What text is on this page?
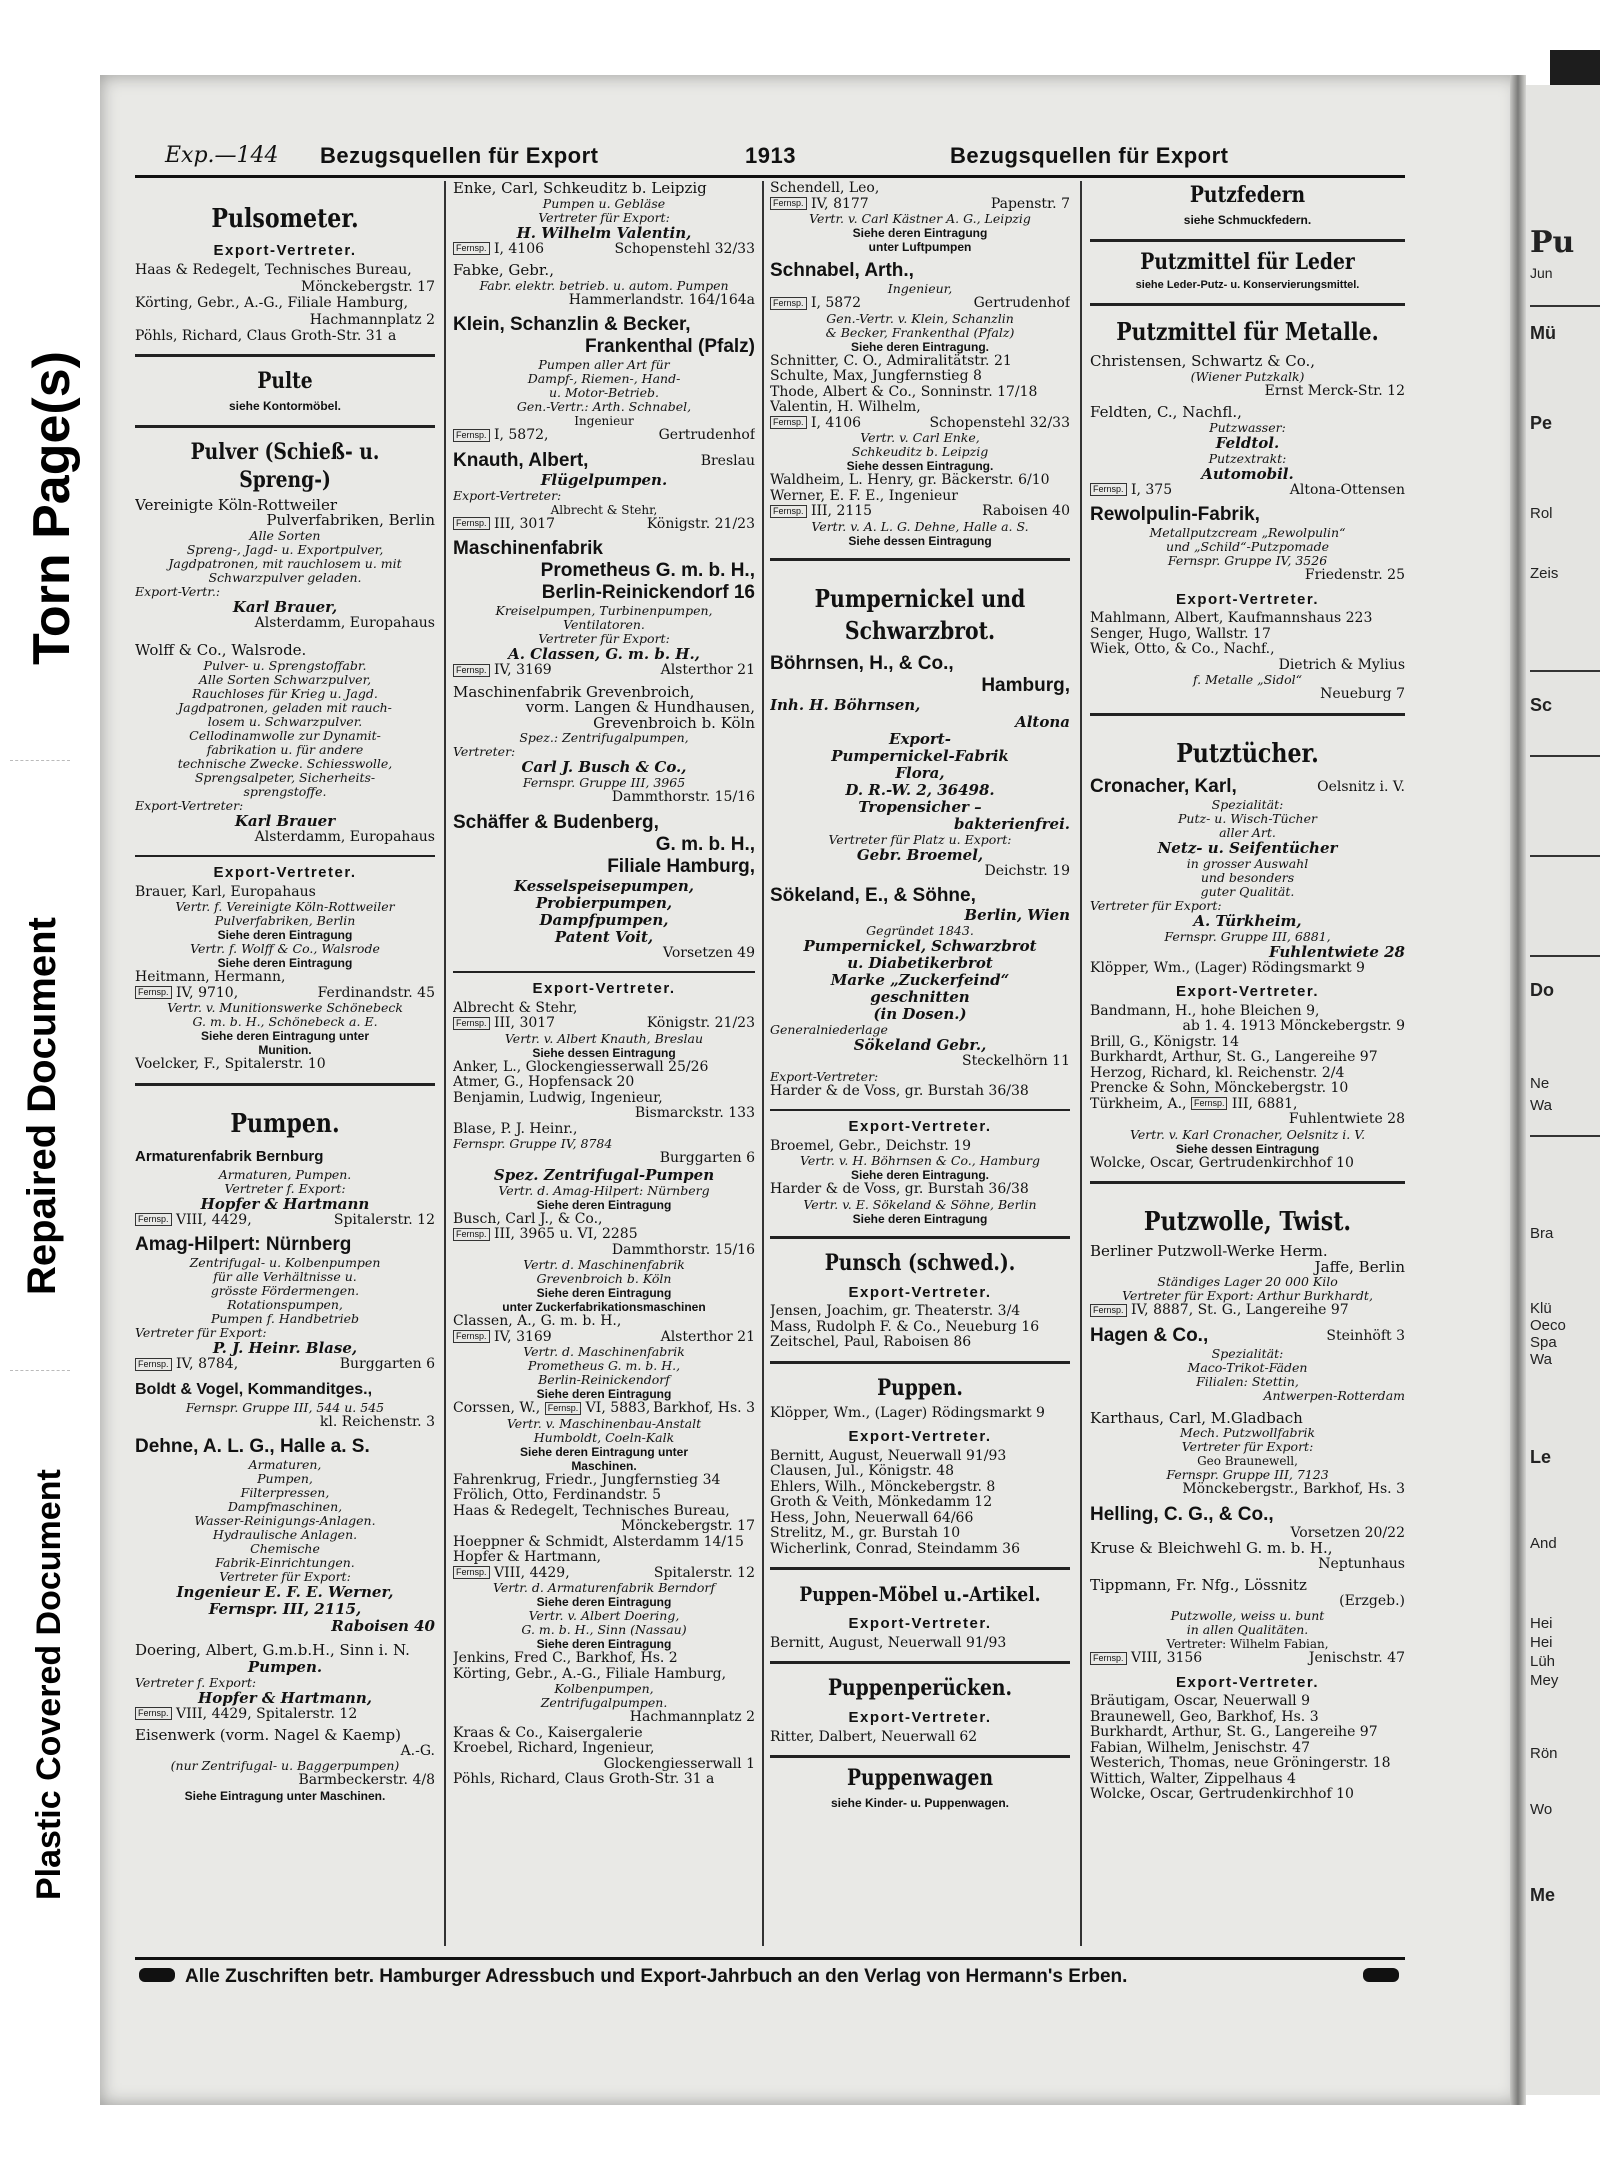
Torn Page(s)
Repaired Document
Plastic Covered Document
Pu
Jun
Mü
Pe
Rol
Zeis
Sc
Do
Ne
Wa
Bra
Klü
Oeco
Spa
Wa
Le
And
Hei
Hei
Lüh
Mey
Rön
Wo
Me
Exp.—144 Bezugsquellen für Export	1913	Bezugsquellen für Export
Pulsometer.
Export-Vertreter.
Haas & Redegelt, Technisches Bureau,
Mönckebergstr. 17
Körting, Gebr., A.-G., Filiale Hamburg,
Hachmannplatz 2
Pöhls, Richard, Claus Groth-Str. 31 a
Pulte
siehe Kontormöbel.
Pulver (Schieß- u. Spreng-)
Vereinigte Köln-Rottweiler
Pulverfabriken, Berlin
Alle Sorten
Spreng-, Jagd- u. Exportpulver,
Jagdpatronen, mit rauchlosem u. mit
Schwarzpulver geladen.
Export-Vertr.:
Karl Brauer,
Alsterdamm, Europahaus
Wolff & Co., Walsrode.
Pulver- u. Sprengstoffabr.
Alle Sorten Schwarzpulver,
Rauchloses für Krieg u. Jagd.
Jagdpatronen, geladen mit rauch-
losem u. Schwarzpulver.
Cellodinamwolle zur Dynamit-
fabrikation u. für andere
technische Zwecke. Schiesswolle,
Sprengsalpeter, Sicherheits-
sprengstoffe.
Export-Vertreter:
Karl Brauer
Alsterdamm, Europahaus
Export-Vertreter.
Brauer, Karl, Europahaus
Vertr. f. Vereinigte Köln-Rottweiler
Pulverfabriken, Berlin
Siehe deren Eintragung
Vertr. f. Wolff & Co., Walsrode
Siehe deren Eintragung
Heitmann, Hermann,
Fernsp. IV, 9710,	Ferdinandstr. 45
Vertr. v. Munitionswerke Schönebeck
G. m. b. H., Schönebeck a. E.
Siehe deren Eintragung unter
Munition.
Voelcker, F., Spitalerstr. 10
Pumpen.
Armaturenfabrik Bernburg
Armaturen, Pumpen.
Vertreter f. Export:
Hopfer & Hartmann
Fernsp. VIII, 4429,	Spitalerstr. 12
Amag-Hilpert: Nürnberg
Zentrifugal- u. Kolbenpumpen
für alle Verhältnisse u.
grösste Fördermengen.
Rotationspumpen,
Pumpen f. Handbetrieb
Vertreter für Export:
P. J. Heinr. Blase,
Fernsp. IV, 8784,	Burggarten 6
Boldt & Vogel, Kommanditges.,
Fernspr. Gruppe III, 544 u. 545
kl. Reichenstr. 3
Dehne, A. L. G., Halle a. S.
Armaturen,
Pumpen,
Filterpressen,
Dampfmaschinen,
Wasser-Reinigungs-Anlagen.
Hydraulische Anlagen.
Chemische
Fabrik-Einrichtungen.
Vertreter für Export:
Ingenieur E. F. E. Werner,
Fernspr. III, 2115,
Raboisen 40
Doering, Albert, G.m.b.H., Sinn i. N.
Pumpen.
Vertreter f. Export:
Hopfer & Hartmann,
Fernsp. VIII, 4429, Spitalerstr. 12
Eisenwerk (vorm. Nagel & Kaemp)
A.-G.
(nur Zentrifugal- u. Baggerpumpen)
Barmbeckerstr. 4/8
Siehe Eintragung unter Maschinen.
Enke, Carl, Schkeuditz b. Leipzig
Pumpen u. Gebläse
Vertreter für Export:
H. Wilhelm Valentin,
Fernsp. I, 4106	Schopenstehl 32/33
Fabke, Gebr.,
Fabr. elektr. betrieb. u. autom. Pumpen
Hammerlandstr. 164/164a
Klein, Schanzlin & Becker,
Frankenthal (Pfalz)
Pumpen aller Art für
Dampf-, Riemen-, Hand-
u. Motor-Betrieb.
Gen.-Vertr.: Arth. Schnabel,
Ingenieur
Fernsp. I, 5872,	Gertrudenhof
Knauth, Albert,	Breslau
Flügelpumpen.
Export-Vertreter:
Albrecht & Stehr,
Fernsp. III, 3017	Königstr. 21/23
Maschinenfabrik
Prometheus G. m. b. H.,
Berlin-Reinickendorf 16
Kreiselpumpen, Turbinenpumpen,
Ventilatoren.
Vertreter für Export:
A. Classen, G. m. b. H.,
Fernsp. IV, 3169	Alsterthor 21
Maschinenfabrik Grevenbroich,
vorm. Langen & Hundhausen,
Grevenbroich b. Köln
Spez.: Zentrifugalpumpen,
Vertreter:
Carl J. Busch & Co.,
Fernspr. Gruppe III, 3965
Dammthorstr. 15/16
Schäffer & Budenberg,
G. m. b. H.,
Filiale Hamburg,
Kesselspeisepumpen,
Probierpumpen,
Dampfpumpen,
Patent Voit,
Vorsetzen 49
Export-Vertreter.
Albrecht & Stehr,
Fernsp. III, 3017	Königstr. 21/23
Vertr. v. Albert Knauth, Breslau
Siehe dessen Eintragung
Anker, L., Glockengiesserwall 25/26
Atmer, G., Hopfensack 20
Benjamin, Ludwig, Ingenieur,
Bismarckstr. 133
Blase, P. J. Heinr.,
Fernspr. Gruppe IV, 8784
Burggarten 6
Spez. Zentrifugal-Pumpen
Vertr. d. Amag-Hilpert: Nürnberg
Siehe deren Eintragung
Busch, Carl J., & Co.,
Fernsp. III, 3965 u. VI, 2285
Dammthorstr. 15/16
Vertr. d. Maschinenfabrik
Grevenbroich b. Köln
Siehe deren Eintragung
unter Zuckerfabrikationsmaschinen
Classen, A., G. m. b. H.,
Fernsp. IV, 3169	Alsterthor 21
Vertr. d. Maschinenfabrik
Prometheus G. m. b. H.,
Berlin-Reinickendorf
Siehe deren Eintragung
Corssen, W., Fernsp. VI, 5883, Barkhof, Hs. 3
Vertr. v. Maschinenbau-Anstalt
Humboldt, Coeln-Kalk
Siehe deren Eintragung unter
Maschinen.
Fahrenkrug, Friedr., Jungfernstieg 34
Frölich, Otto, Ferdinandstr. 5
Haas & Redegelt, Technisches Bureau,
Mönckebergstr. 17
Hoeppner & Schmidt, Alsterdamm 14/15
Hopfer & Hartmann,
Fernsp. VIII, 4429,	Spitalerstr. 12
Vertr. d. Armaturenfabrik Berndorf
Siehe deren Eintragung
Vertr. v. Albert Doering,
G. m. b. H., Sinn (Nassau)
Siehe deren Eintragung
Jenkins, Fred C., Barkhof, Hs. 2
Körting, Gebr., A.-G., Filiale Hamburg,
Kolbenpumpen,
Zentrifugalpumpen.
Hachmannplatz 2
Kraas & Co., Kaisergalerie
Kroebel, Richard, Ingenieur,
Glockengiesserwall 1
Pöhls, Richard, Claus Groth-Str. 31 a
Schendell, Leo,
Fernsp. IV, 8177	Papenstr. 7
Vertr. v. Carl Kästner A. G., Leipzig
Siehe deren Eintragung
unter Luftpumpen
Schnabel, Arth.,
Ingenieur,
Fernsp. I, 5872	Gertrudenhof
Gen.-Vertr. v. Klein, Schanzlin
& Becker, Frankenthal (Pfalz)
Siehe deren Eintragung.
Schnitter, C. O., Admiralitätstr. 21
Schulte, Max, Jungfernstieg 8
Thode, Albert & Co., Sonninstr. 17/18
Valentin, H. Wilhelm,
Fernsp. I, 4106	Schopenstehl 32/33
Vertr. v. Carl Enke,
Schkeuditz b. Leipzig
Siehe dessen Eintragung.
Waldheim, L. Henry, gr. Bäckerstr. 6/10
Werner, E. F. E., Ingenieur
Fernsp. III, 2115	Raboisen 40
Vertr. v. A. L. G. Dehne, Halle a. S.
Siehe dessen Eintragung
Pumpernickel und Schwarzbrot.
Böhrnsen, H., & Co.,
Hamburg,
Inh. H. Böhrnsen,
Altona
Export-
Pumpernickel-Fabrik
Flora,
D. R.-W. 2, 36498.
Tropensicher –
bakterienfrei.
Vertreter für Platz u. Export:
Gebr. Broemel,
Deichstr. 19
Sökeland, E., & Söhne,
Berlin, Wien
Gegründet 1843.
Pumpernickel, Schwarzbrot
u. Diabetikerbrot
Marke „Zuckerfeind“
geschnitten
(in Dosen.)
Generalniederlage
Sökeland Gebr.,
Steckelhörn 11
Export-Vertreter:
Harder & de Voss, gr. Burstah 36/38
Export-Vertreter.
Broemel, Gebr., Deichstr. 19
Vertr. v. H. Böhrnsen & Co., Hamburg
Siehe deren Eintragung.
Harder & de Voss, gr. Burstah 36/38
Vertr. v. E. Sökeland & Söhne, Berlin
Siehe deren Eintragung
Punsch (schwed.).
Export-Vertreter.
Jensen, Joachim, gr. Theaterstr. 3/4
Mass, Rudolph F. & Co., Neueburg 16
Zeitschel, Paul, Raboisen 86
Puppen.
Klöpper, Wm., (Lager) Rödingsmarkt 9
Export-Vertreter.
Bernitt, August, Neuerwall 91/93
Clausen, Jul., Königstr. 48
Ehlers, Wilh., Mönckebergstr. 8
Groth & Veith, Mönkedamm 12
Hess, John, Neuerwall 64/66
Strelitz, M., gr. Burstah 10
Wicherlink, Conrad, Steindamm 36
Puppen-Möbel u.-Artikel.
Export-Vertreter.
Bernitt, August, Neuerwall 91/93
Puppenperücken.
Export-Vertreter.
Ritter, Dalbert, Neuerwall 62
Puppenwagen
siehe Kinder- u. Puppenwagen.
Putzfedern
siehe Schmuckfedern.
Putzmittel für Leder
siehe Leder-Putz- u. Konservierungsmittel.
Putzmittel für Metalle.
Christensen, Schwartz & Co.,
(Wiener Putzkalk)
Ernst Merck-Str. 12
Feldten, C., Nachfl.,
Putzwasser:
Feldtol.
Putzextrakt:
Automobil.
Fernsp. I, 375	Altona-Ottensen
Rewolpulin-Fabrik,
Metallputzcream „Rewolpulin“
und „Schild“-Putzpomade
Fernspr. Gruppe IV, 3526
Friedenstr. 25
Export-Vertreter.
Mahlmann, Albert, Kaufmannshaus 223
Senger, Hugo, Wallstr. 17
Wiek, Otto, & Co., Nachf.,
Dietrich & Mylius
f. Metalle „Sidol“
Neueburg 7
Putztücher.
Cronacher, Karl,	Oelsnitz i. V.
Spezialität:
Putz- u. Wisch-Tücher
aller Art.
Netz- u. Seifentücher
in grosser Auswahl
und besonders
guter Qualität.
Vertreter für Export:
A. Türkheim,
Fernspr. Gruppe III, 6881,
Fuhlentwiete 28
Klöpper, Wm., (Lager) Rödingsmarkt 9
Export-Vertreter.
Bandmann, H., hohe Bleichen 9,
ab 1. 4. 1913 Mönckebergstr. 9
Brill, G., Königstr. 14
Burkhardt, Arthur, St. G., Langereihe 97
Herzog, Richard, kl. Reichenstr. 2/4
Prencke & Sohn, Mönckebergstr. 10
Türkheim, A., Fernsp. III, 6881,
Fuhlentwiete 28
Vertr. v. Karl Cronacher, Oelsnitz i. V.
Siehe dessen Eintragung
Wolcke, Oscar, Gertrudenkirchhof 10
Putzwolle, Twist.
Berliner Putzwoll-Werke Herm.
Jaffe, Berlin
Ständiges Lager 20 000 Kilo
Vertreter für Export: Arthur Burkhardt,
Fernsp. IV, 8887, St. G., Langereihe 97
Hagen & Co.,	Steinhöft 3
Spezialität:
Maco-Trikot-Fäden
Filialen: Stettin,
Antwerpen-Rotterdam
Karthaus, Carl, M.Gladbach
Mech. Putzwollfabrik
Vertreter für Export:
Geo Braunewell,
Fernspr. Gruppe III, 7123
Mönckebergstr., Barkhof, Hs. 3
Helling, C. G., & Co.,
Vorsetzen 20/22
Kruse & Bleichwehl G. m. b. H.,
Neptunhaus
Tippmann, Fr. Nfg., Lössnitz
(Erzgeb.)
Putzwolle, weiss u. bunt
in allen Qualitäten.
Vertreter: Wilhelm Fabian,
Fernsp. VIII, 3156	Jenischstr. 47
Export-Vertreter.
Bräutigam, Oscar, Neuerwall 9
Braunewell, Geo, Barkhof, Hs. 3
Burkhardt, Arthur, St. G., Langereihe 97
Fabian, Wilhelm, Jenischstr. 47
Westerich, Thomas, neue Gröningerstr. 18
Wittich, Walter, Zippelhaus 4
Wolcke, Oscar, Gertrudenkirchhof 10
Alle Zuschriften betr. Hamburger Adressbuch und Export-Jahrbuch an den Verlag von Hermann's Erben.
